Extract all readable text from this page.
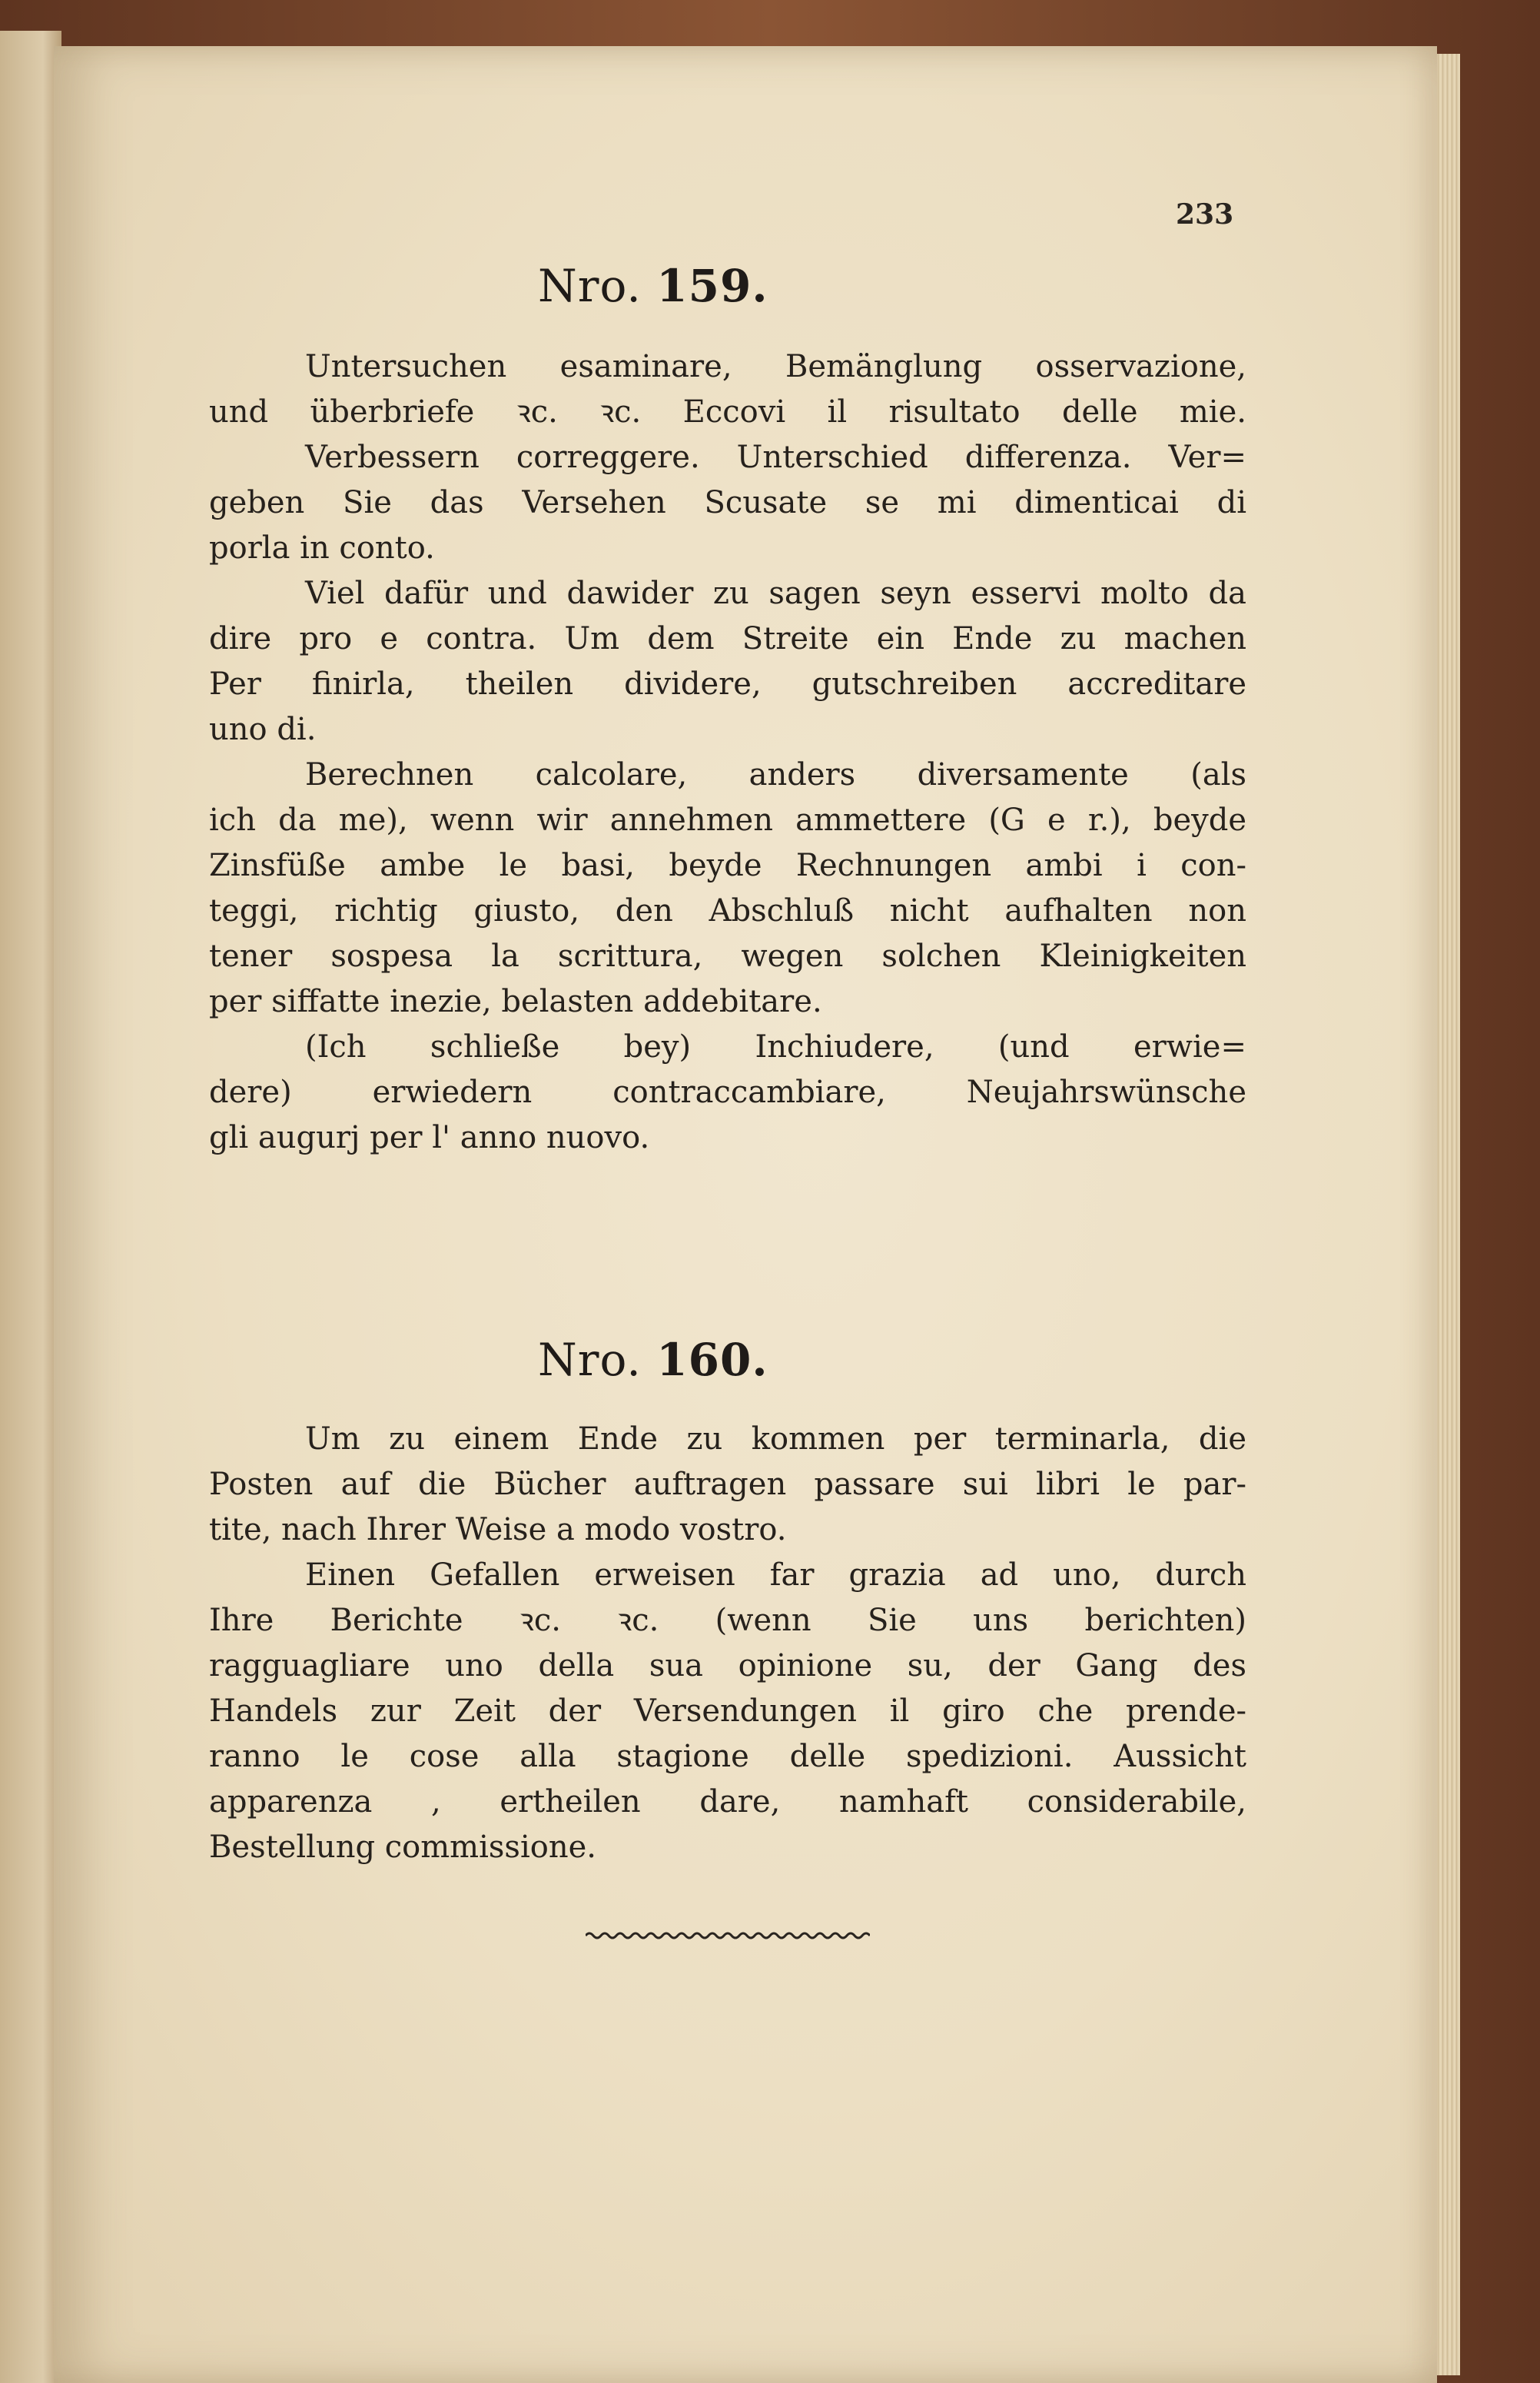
233
Nro. 159.
Untersuchen esaminare, Bemänglung osservazione,
und überbriefe ꝛc. ꝛc. Eccovi il risultato delle mie.
Verbessern correggere. Unterschied differenza. Ver=
geben Sie das Versehen Scusate se mi dimenticai di
porla in conto.
Viel dafür und dawider zu sagen seyn esservi molto da
dire pro e contra. Um dem Streite ein Ende zu machen
Per finirla, theilen dividere, gutschreiben accreditare
uno di.
Berechnen calcolare, anders diversamente (als
ich da me), wenn wir annehmen ammettere (G e r.), beyde
Zinsfüße ambe le basi, beyde Rechnungen ambi i con-
teggi, richtig giusto, den Abschluß nicht aufhalten non
tener sospesa la scrittura, wegen solchen Kleinigkeiten
per siffatte inezie, belasten addebitare.
(Ich schließe bey) Inchiudere, (und erwie=
dere) erwiedern contraccambiare, Neujahrswünsche
gli augurj per l' anno nuovo.
Nro. 160.
Um zu einem Ende zu kommen per terminarla, die
Posten auf die Bücher auftragen passare sui libri le par-
tite, nach Ihrer Weise a modo vostro.
Einen Gefallen erweisen far grazia ad uno, durch
Ihre Berichte ꝛc. ꝛc. (wenn Sie uns berichten)
ragguagliare uno della sua opinione su, der Gang des
Handels zur Zeit der Versendungen il giro che prende-
ranno le cose alla stagione delle spedizioni. Aussicht
apparenza , ertheilen dare, namhaft considerabile,
Bestellung commissione.
